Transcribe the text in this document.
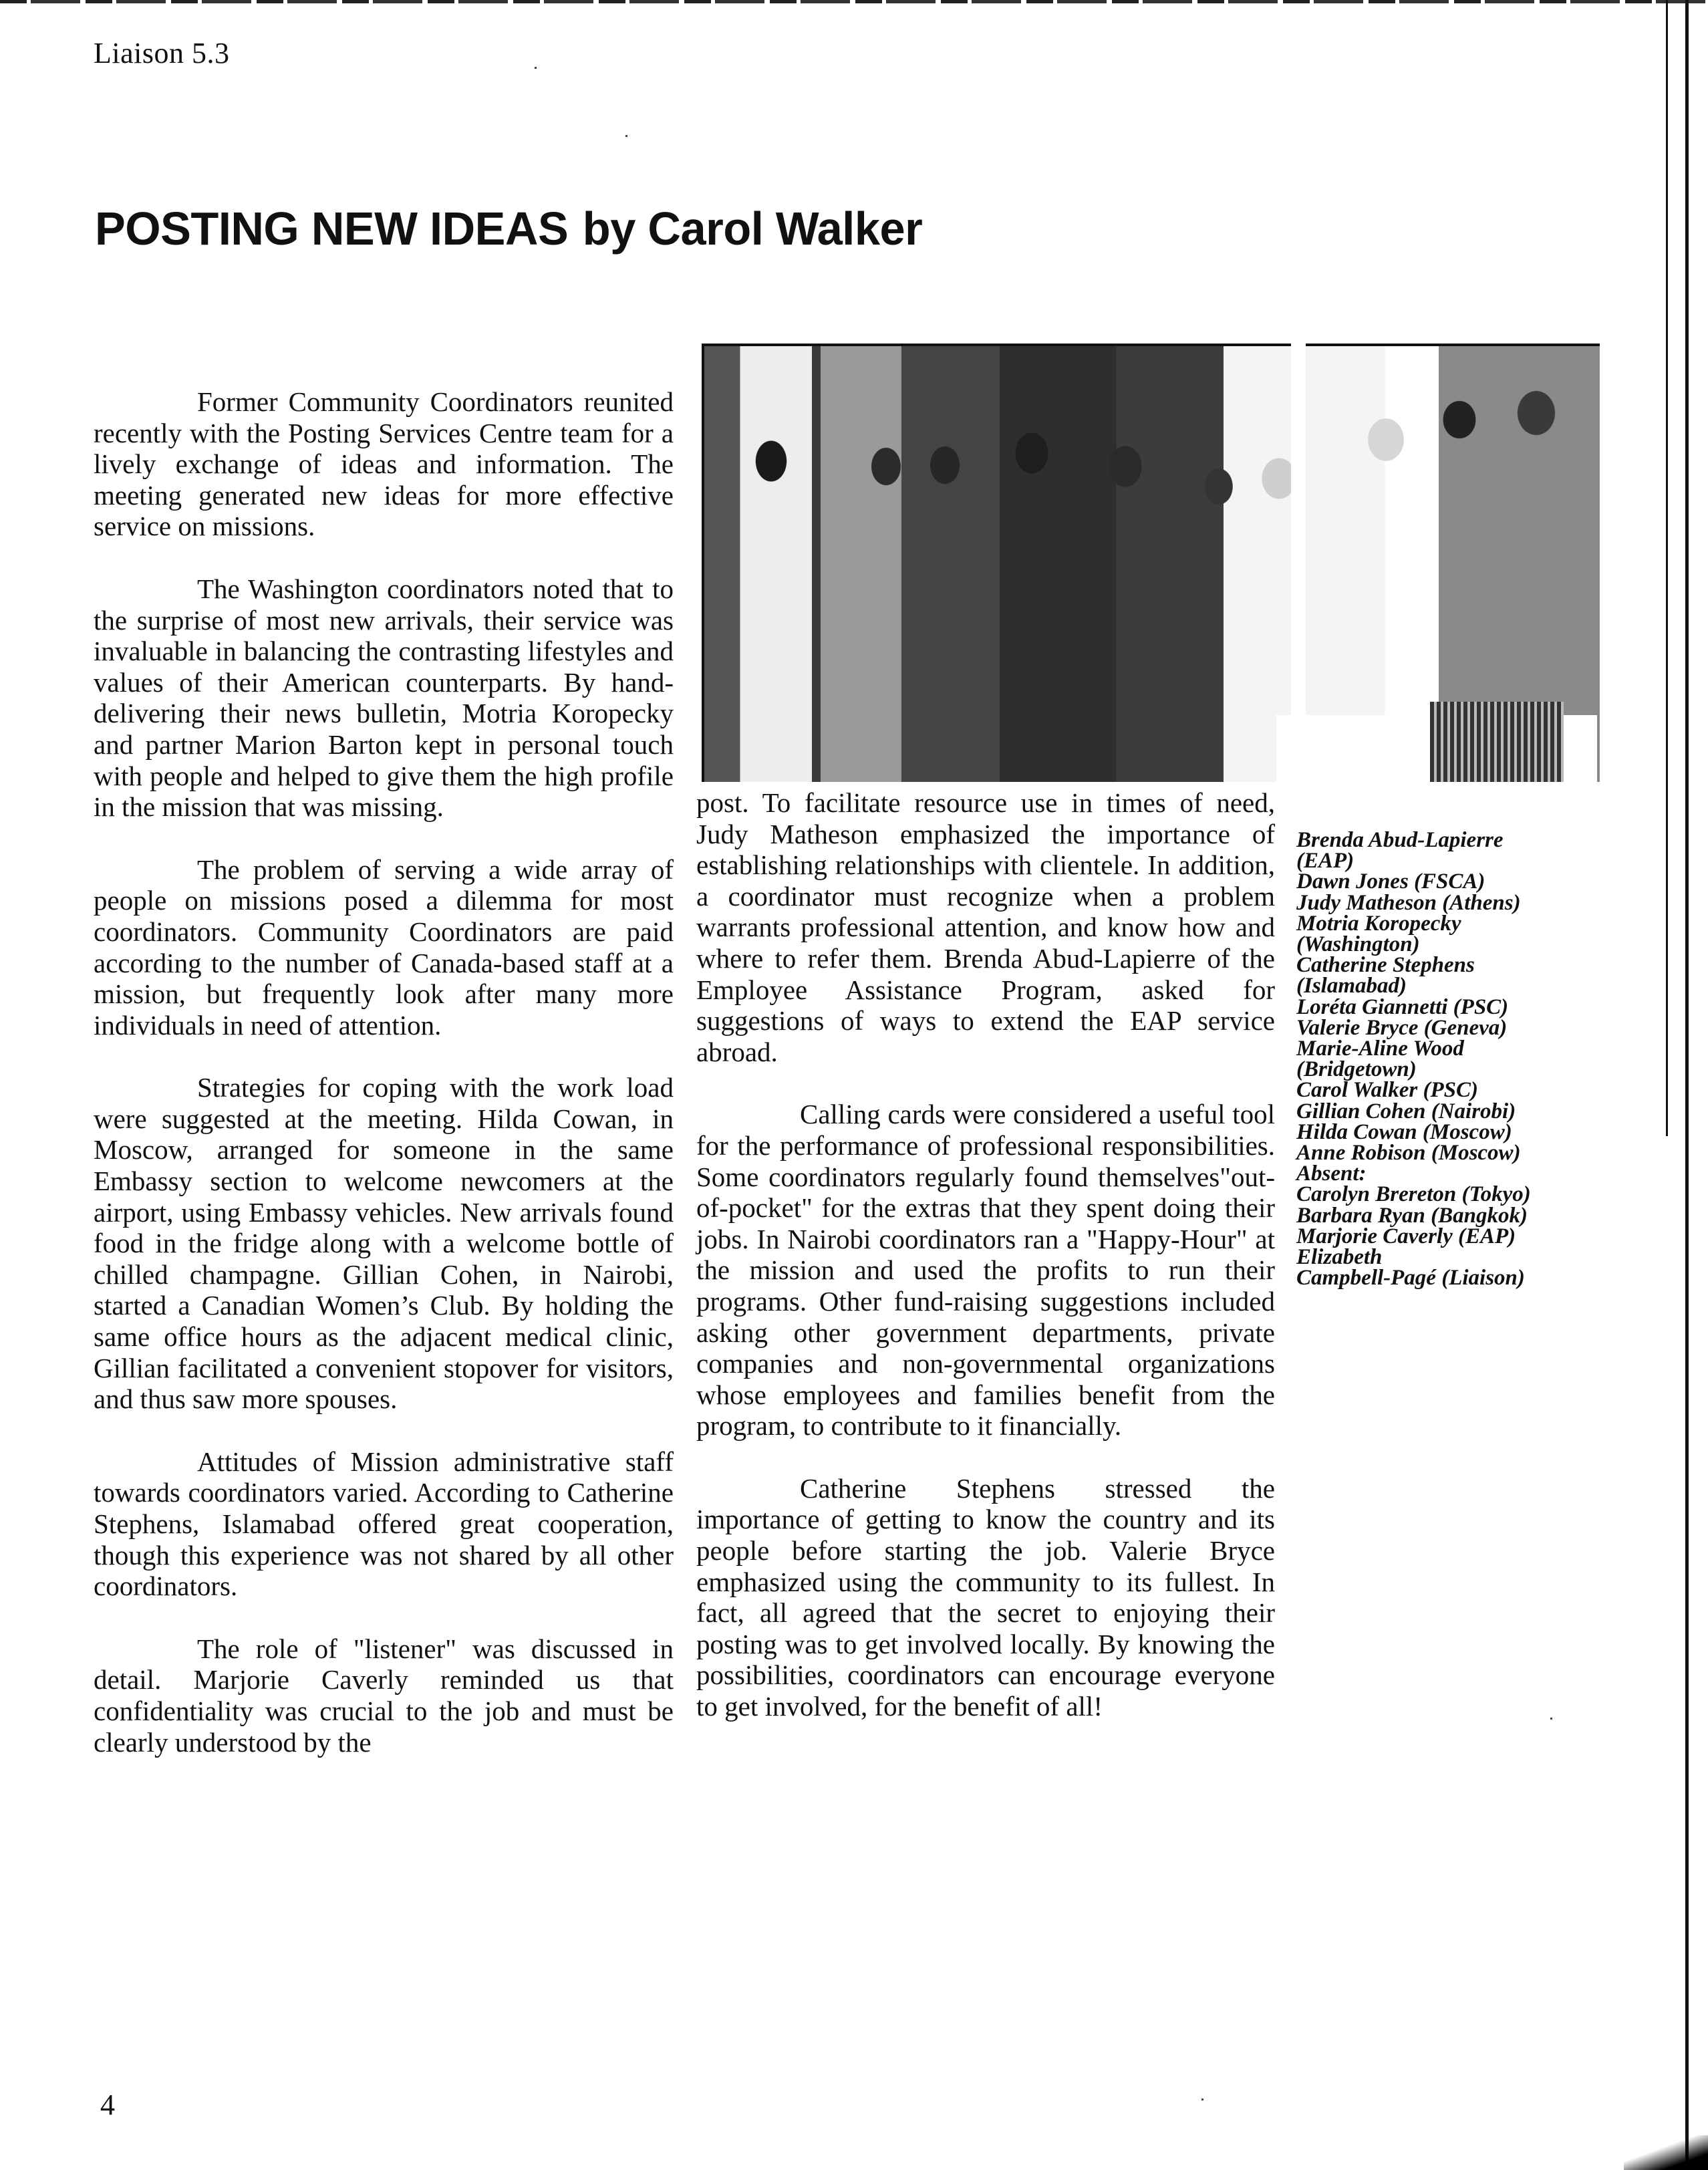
Liaison 5.3
POSTING NEW IDEAS by Carol Walker

Former Community Coordinators reunited recently with the Posting Services Centre team for a lively exchange of ideas and information. The meeting generated new ideas for more effective service on missions.

The Washington coordinators noted that to the surprise of most new arrivals, their service was invaluable in balancing the contrasting lifestyles and values of their American counterparts. By hand-delivering their news bulletin, Motria Koropecky and partner Marion Barton kept in personal touch with people and helped to give them the high profile in the mission that was missing.

The problem of serving a wide array of people on missions posed a dilemma for most coordinators. Community Coordinators are paid according to the number of Canada-based staff at a mission, but frequently look after many more individuals in need of attention.

Strategies for coping with the work load were suggested at the meeting. Hilda Cowan, in Moscow, arranged for someone in the same Embassy section to welcome newcomers at the airport, using Embassy vehicles. New arrivals found food in the fridge along with a welcome bottle of chilled champagne. Gillian Cohen, in Nairobi, started a Canadian Women’s Club. By holding the same office hours as the adjacent medical clinic, Gillian facilitated a convenient stopover for visitors, and thus saw more spouses.

Attitudes of Mission administrative staff towards coordinators varied. According to Catherine Stephens, Islamabad offered great cooperation, though this experience was not shared by all other coordinators.

The role of "listener" was discussed in detail. Marjorie Caverly reminded us that confidentiality was crucial to the job and must be clearly understood by the

post. To facilitate resource use in times of need, Judy Matheson emphasized the importance of establishing relationships with clientele. In addition, a coordinator must recognize when a problem warrants professional attention, and know how and where to refer them. Brenda Abud-Lapierre of the Employee Assistance Program, asked for suggestions of ways to extend the EAP service abroad.

Calling cards were considered a useful tool for the performance of professional responsibilities. Some coordinators regularly found themselves"out-of-pocket" for the extras that they spent doing their jobs. In Nairobi coordinators ran a "Happy-Hour" at the mission and used the profits to run their programs. Other fund-raising suggestions included asking other government departments, private companies and non-governmental organizations whose employees and families benefit from the program, to contribute to it financially.

Catherine Stephens stressed the importance of getting to know the country and its people before starting the job. Valerie Bryce emphasized using the community to its fullest. In fact, all agreed that the secret to enjoying their posting was to get involved locally. By knowing the possibilities, coordinators can encourage everyone to get involved, for the benefit of all!

Brenda Abud-Lapierre
(EAP)
Dawn Jones (FSCA)
Judy Matheson (Athens)
Motria Koropecky
(Washington)
Catherine Stephens
(Islamabad)
Loréta Giannetti (PSC)
Valerie Bryce (Geneva)
Marie-Aline Wood
(Bridgetown)
Carol Walker (PSC)
Gillian Cohen (Nairobi)
Hilda Cowan (Moscow)
Anne Robison (Moscow)
Absent:
Carolyn Brereton (Tokyo)
Barbara Ryan (Bangkok)
Marjorie Caverly (EAP)
Elizabeth
Campbell-Pagé (Liaison)
4
